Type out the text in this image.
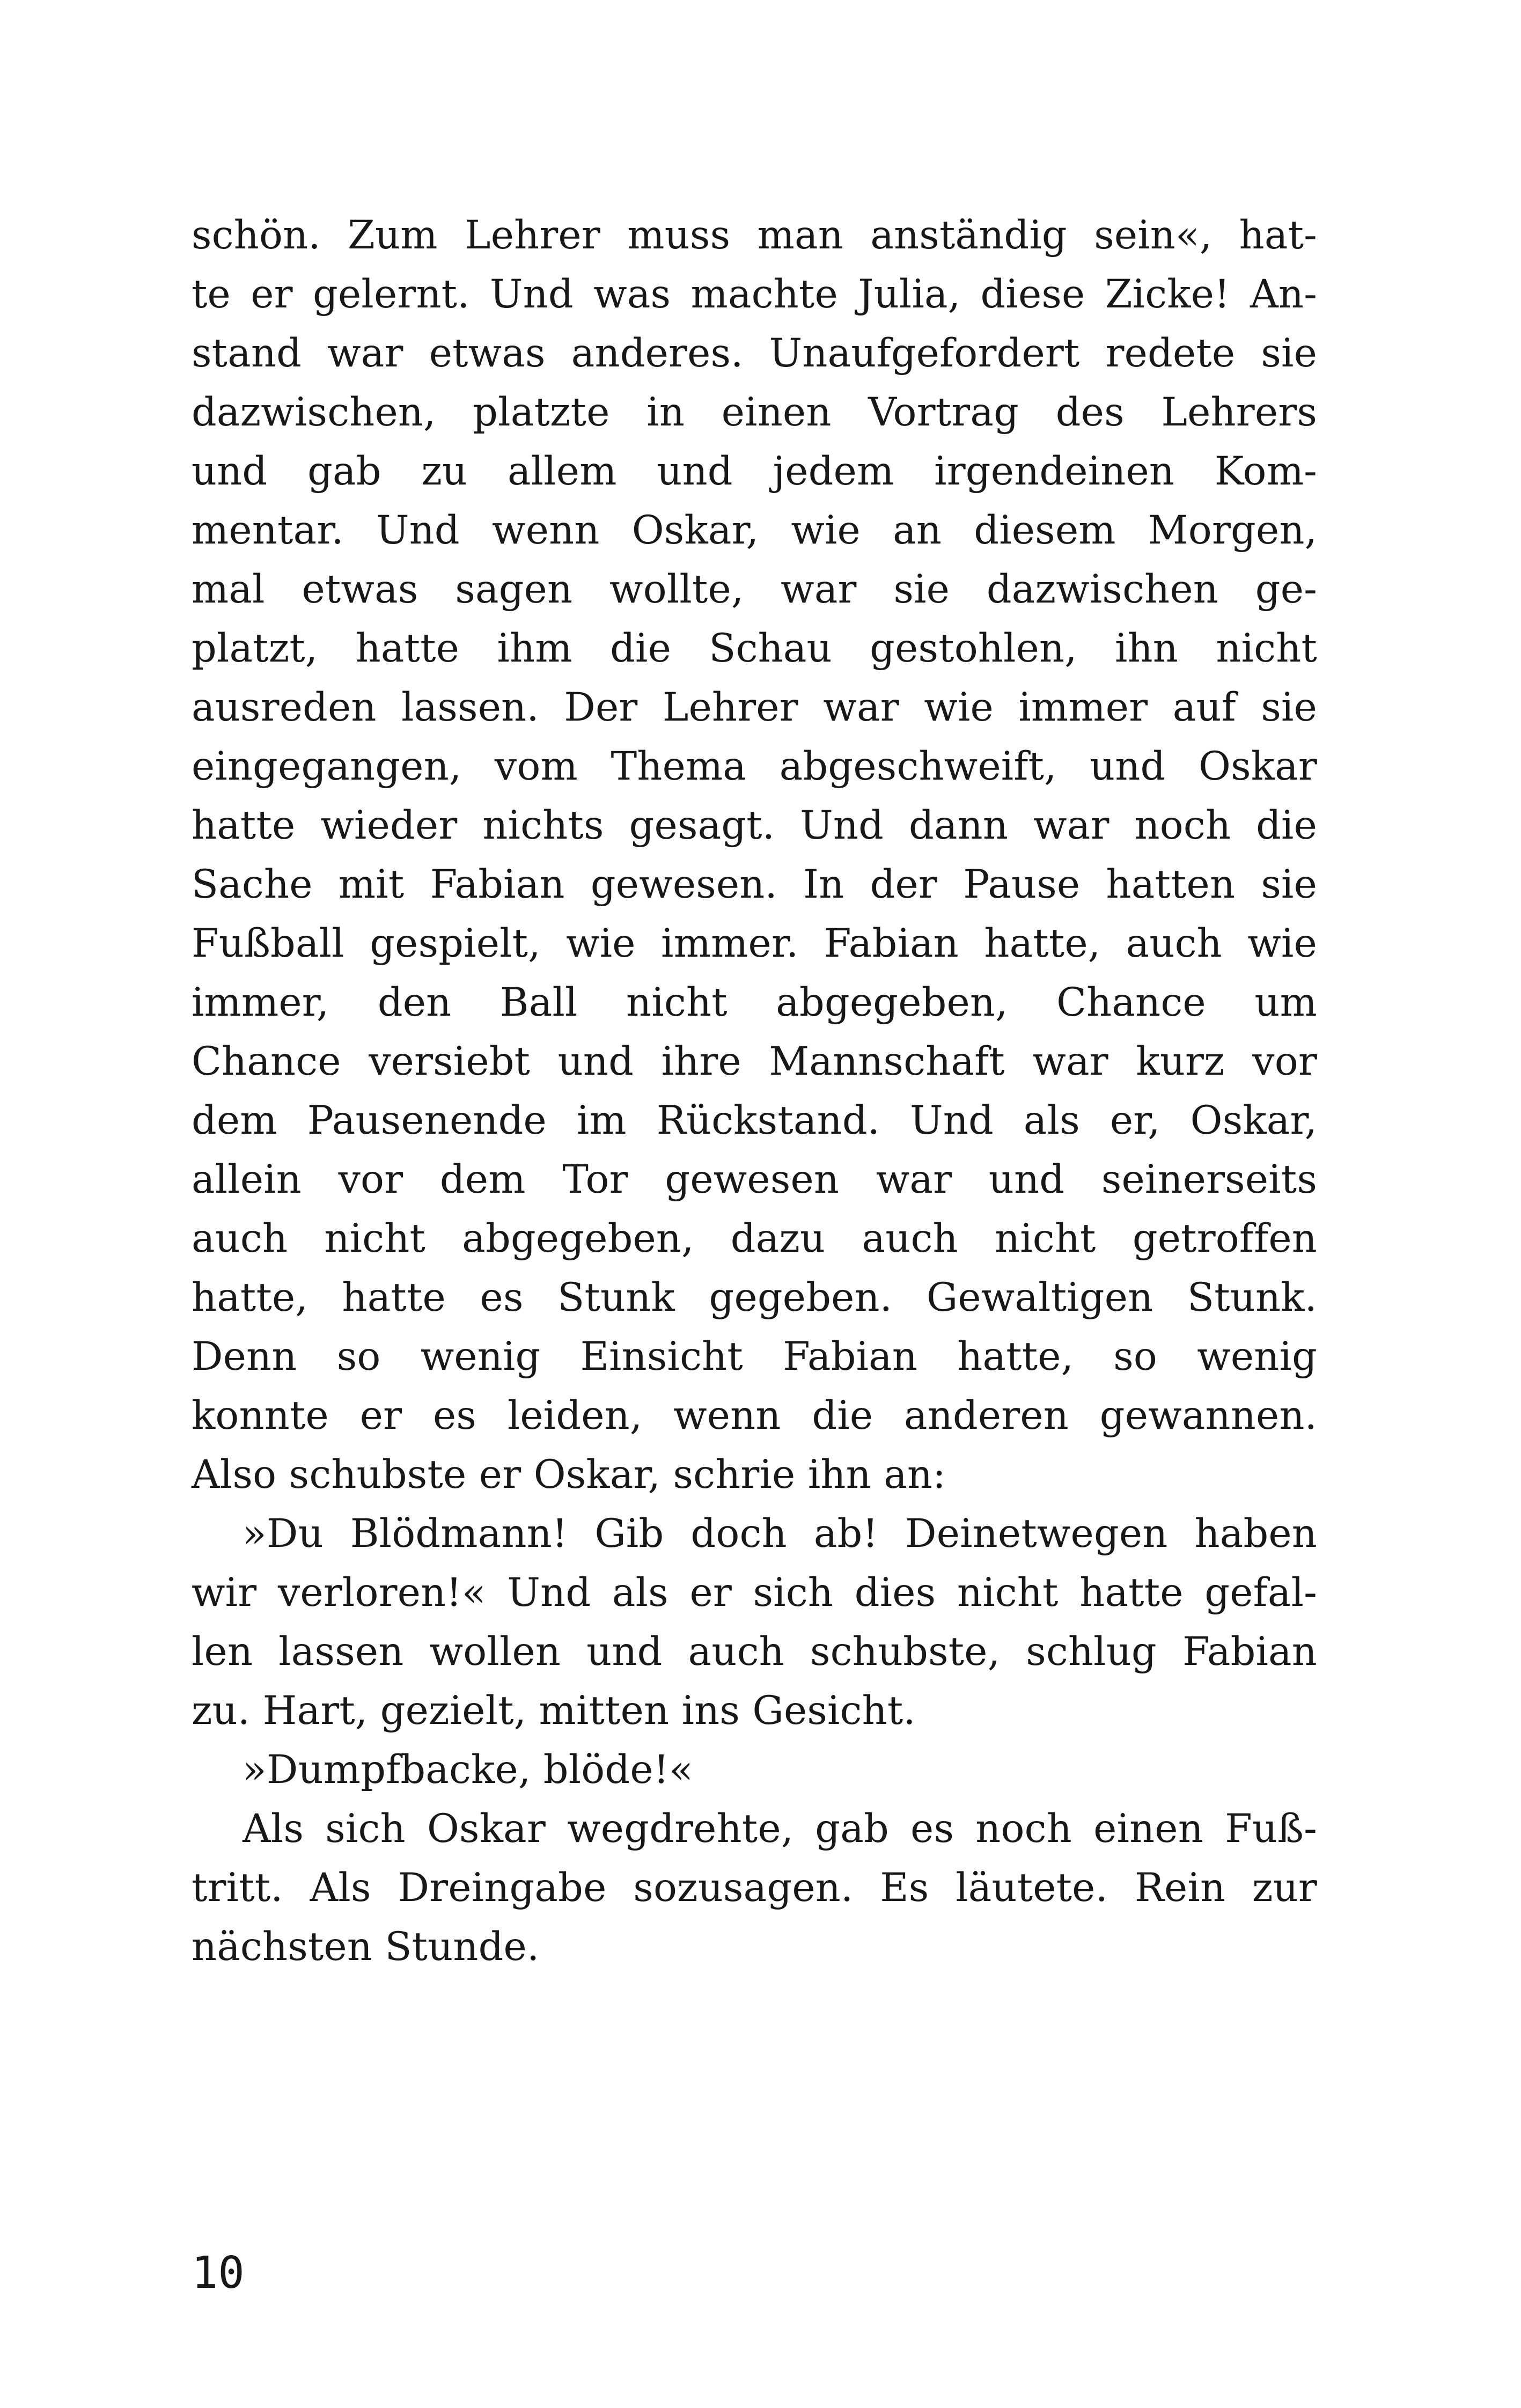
schön. Zum Lehrer muss man anständig sein«, hat-
te er gelernt. Und was machte Julia, diese Zicke! An-
stand war etwas anderes. Unaufgefordert redete sie
dazwischen, platzte in einen Vortrag des Lehrers
und gab zu allem und jedem irgendeinen Kom-
mentar. Und wenn Oskar, wie an diesem Morgen,
mal etwas sagen wollte, war sie dazwischen ge-
platzt, hatte ihm die Schau gestohlen, ihn nicht
ausreden lassen. Der Lehrer war wie immer auf sie
eingegangen, vom Thema abgeschweift, und Oskar
hatte wieder nichts gesagt. Und dann war noch die
Sache mit Fabian gewesen. In der Pause hatten sie
Fußball gespielt, wie immer. Fabian hatte, auch wie
immer, den Ball nicht abgegeben, Chance um
Chance versiebt und ihre Mannschaft war kurz vor
dem Pausenende im Rückstand. Und als er, Oskar,
allein vor dem Tor gewesen war und seinerseits
auch nicht abgegeben, dazu auch nicht getroffen
hatte, hatte es Stunk gegeben. Gewaltigen Stunk.
Denn so wenig Einsicht Fabian hatte, so wenig
konnte er es leiden, wenn die anderen gewannen.
Also schubste er Oskar, schrie ihn an:
»Du Blödmann! Gib doch ab! Deinetwegen haben
wir verloren!« Und als er sich dies nicht hatte gefal-
len lassen wollen und auch schubste, schlug Fabian
zu. Hart, gezielt, mitten ins Gesicht.
»Dumpfbacke, blöde!«
Als sich Oskar wegdrehte, gab es noch einen Fuß-
tritt. Als Dreingabe sozusagen. Es läutete. Rein zur
nächsten Stunde.
10
